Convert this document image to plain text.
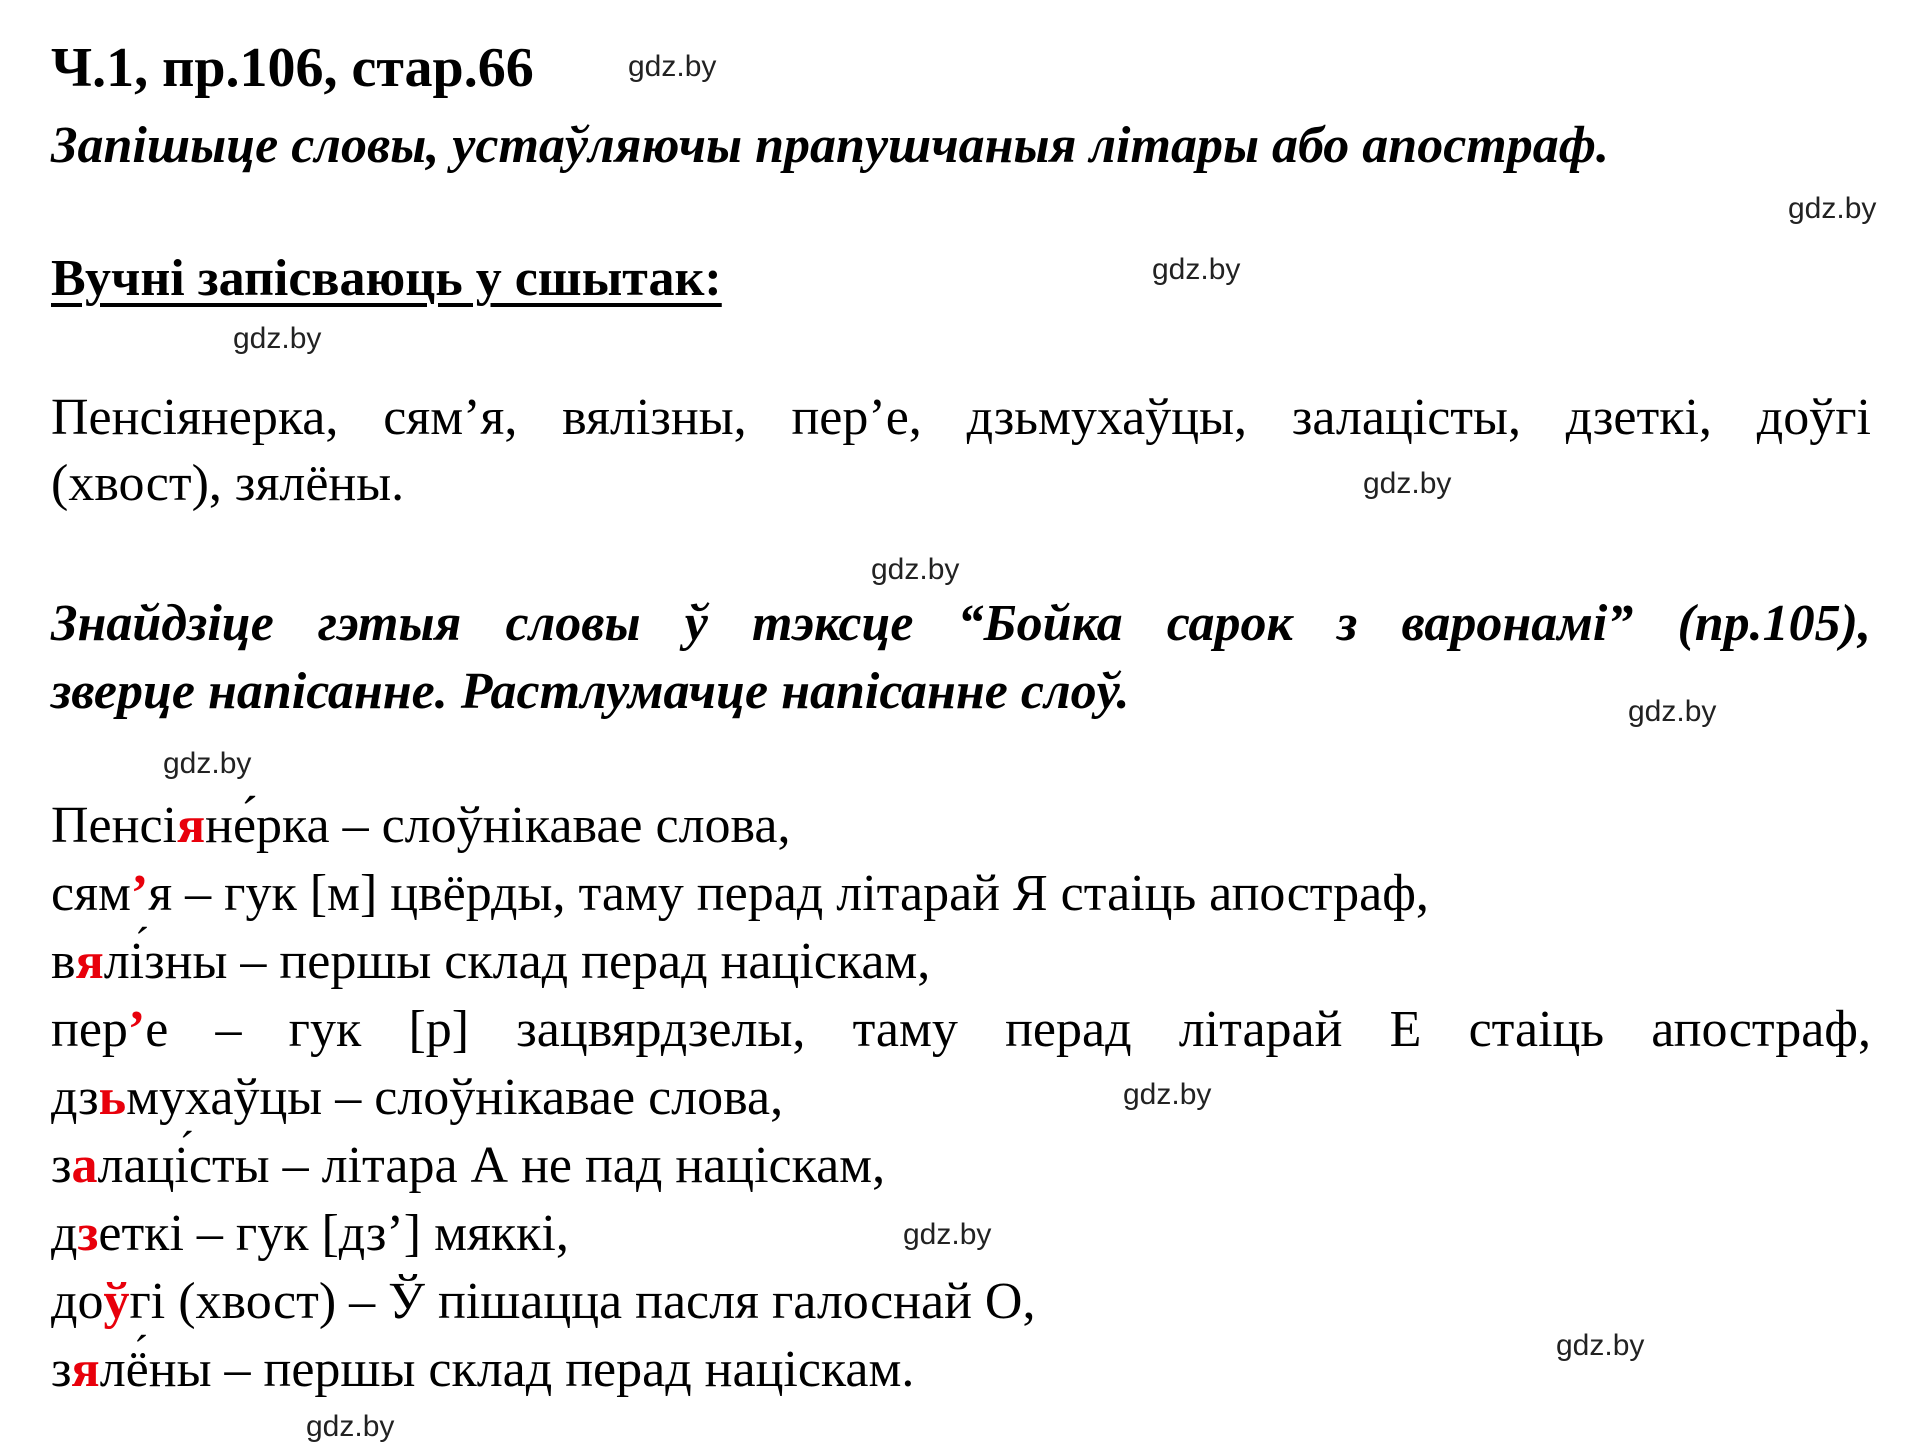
Ч.1, пр.106, стар.66	gdz.by
gdz.by
gdz.by
gdz.by
gdz.by
gdz.by
gdz.by
gdz.by
gdz.by
gdz.by
gdz.by
gdz.by
Запішыце словы, устаўляючы прапушчаныя літары або апостраф.
Вучні запісваюць у сшытак:
Пенсіянерка, сям’я, вялізны, пер’е, дзьмухаўцы, залацісты, дзеткі, доўгі
(хвост), зялёны.
Знайдзіце гэтыя словы ў тэксце “Бойка сарок з варонамі” (пр.105),
зверце напісанне. Растлумачце напісанне слоў.
Пенсіяне́рка – слоўнікавае слова,
сям’я – гук [м] цвёрды, таму перад літарай Я стаіць апостраф,
вялі ´зны – першы склад перад націскам,
пер’е – гук [р] зацвярдзелы, таму перад літарай Е стаіць апостраф,
дзьмухаўцы – слоўнікавае слова,
залаці ´сты – літара А не пад націскам,
дзеткі – гук [дз’] мяккі,
доўгі (хвост) – Ў пішацца пасля галоснай О,
зялё ´ны – першы склад перад націскам.
